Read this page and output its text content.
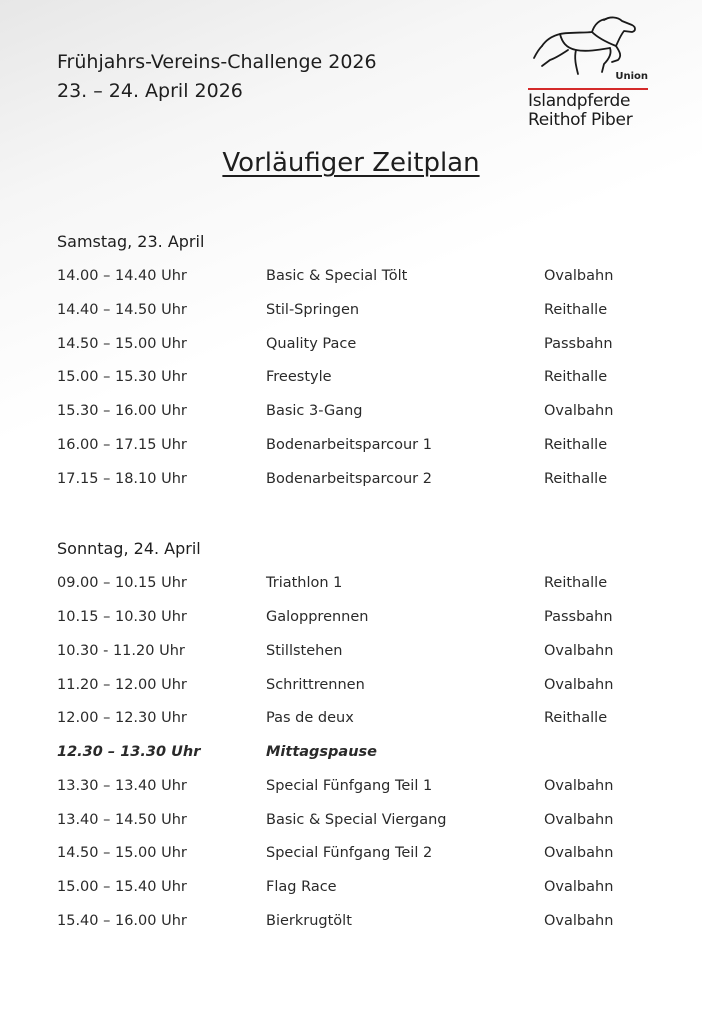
Frühjahrs-Vereins-Challenge 2026
23. – 24. April 2026
Union
Islandpferde
Reithof Piber
Vorläufiger Zeitplan
Samstag, 23. April
14.00 – 14.40 Uhr	Basic & Special Tölt	Ovalbahn
14.40 – 14.50 Uhr	Stil-Springen	Reithalle
14.50 – 15.00 Uhr	Quality Pace	Passbahn
15.00 – 15.30 Uhr	Freestyle	Reithalle
15.30 – 16.00 Uhr	Basic 3-Gang	Ovalbahn
16.00 – 17.15 Uhr	Bodenarbeitsparcour 1	Reithalle
17.15 – 18.10 Uhr	Bodenarbeitsparcour 2	Reithalle
Sonntag, 24. April
09.00 – 10.15 Uhr	Triathlon 1	Reithalle
10.15 – 10.30 Uhr	Galopprennen	Passbahn
10.30 - 11.20 Uhr	Stillstehen	Ovalbahn
11.20 – 12.00 Uhr	Schrittrennen	Ovalbahn
12.00 – 12.30 Uhr	Pas de deux	Reithalle
12.30 – 13.30 Uhr	Mittagspause
13.30 – 13.40 Uhr	Special Fünfgang Teil 1	Ovalbahn
13.40 – 14.50 Uhr	Basic & Special Viergang	Ovalbahn
14.50 – 15.00 Uhr	Special Fünfgang Teil 2	Ovalbahn
15.00 – 15.40 Uhr	Flag Race	Ovalbahn
15.40 – 16.00 Uhr	Bierkrugtölt	Ovalbahn
